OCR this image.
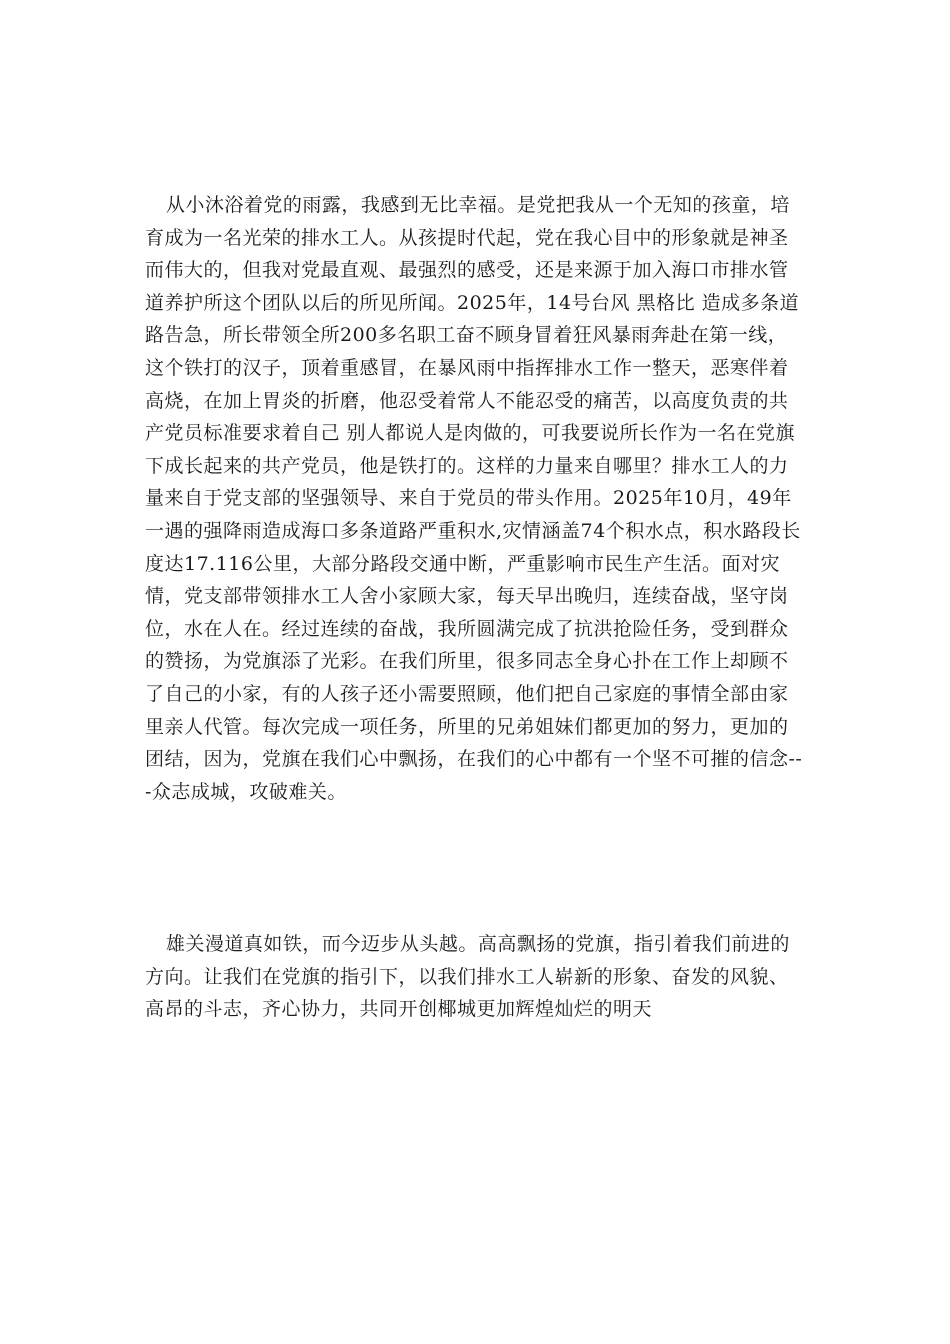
从小沐浴着党的雨露，我感到无比幸福。是党把我从一个无知的孩童，培育成为一名光荣的排水工人。从孩提时代起，党在我心目中的形象就是神圣而伟大的，但我对党最直观、最强烈的感受，还是来源于加入海口市排水管道养护所这个团队以后的所见所闻。2025年，14号台风 黑格比 造成多条道路告急，所长带领全所200多名职工奋不顾身冒着狂风暴雨奔赴在第一线，这个铁打的汉子，顶着重感冒，在暴风雨中指挥排水工作一整天，恶寒伴着高烧，在加上胃炎的折磨，他忍受着常人不能忍受的痛苦，以高度负责的共产党员标准要求着自己 别人都说人是肉做的，可我要说所长作为一名在党旗下成长起来的共产党员，他是铁打的。这样的力量来自哪里？排水工人的力量来自于党支部的坚强领导、来自于党员的带头作用。2025年10月，49年一遇的强降雨造成海口多条道路严重积水,灾情涵盖74个积水点，积水路段长度达17.116公里，大部分路段交通中断，严重影响市民生产生活。面对灾情，党支部带领排水工人舍小家顾大家，每天早出晚归，连续奋战，坚守岗位，水在人在。经过连续的奋战，我所圆满完成了抗洪抢险任务，受到群众的赞扬，为党旗添了光彩。在我们所里，很多同志全身心扑在工作上却顾不了自己的小家，有的人孩子还小需要照顾，他们把自己家庭的事情全部由家里亲人代管。每次完成一项任务，所里的兄弟姐妹们都更加的努力，更加的团结，因为，党旗在我们心中飘扬，在我们的心中都有一个坚不可摧的信念---众志成城，攻破难关。

雄关漫道真如铁，而今迈步从头越。高高飘扬的党旗，指引着我们前进的方向。让我们在党旗的指引下，以我们排水工人崭新的形象、奋发的风貌、高昂的斗志，齐心协力，共同开创椰城更加辉煌灿烂的明天
